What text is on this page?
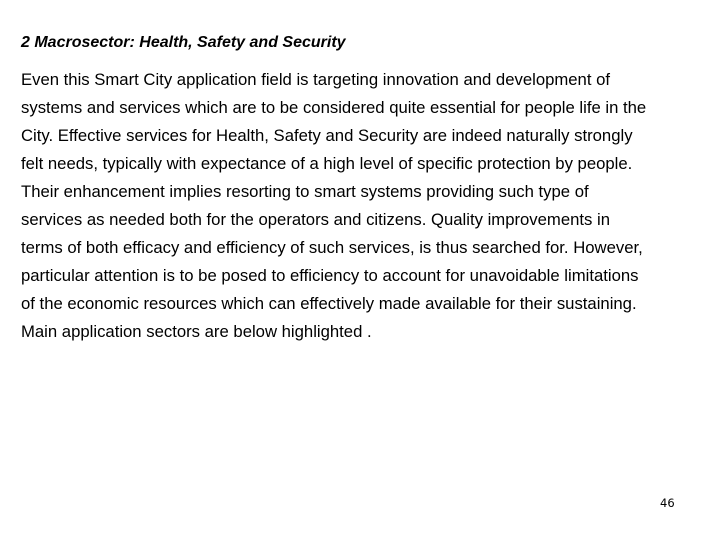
2 Macrosector: Health, Safety and Security
Even this Smart City application field is targeting innovation and development of
systems and services which are to be considered quite essential for people life in the
City. Effective services for Health, Safety and Security are indeed naturally strongly
felt needs, typically with expectance of a high level of specific protection by people.
Their enhancement implies resorting to smart systems providing such type of
services as needed both for the operators and citizens. Quality improvements in
terms of both efficacy and efficiency of such services, is thus searched for. However,
particular attention is to be posed to efficiency to account for unavoidable limitations
of the economic resources which can effectively made available for their sustaining.
Main application sectors are below highlighted .
46
